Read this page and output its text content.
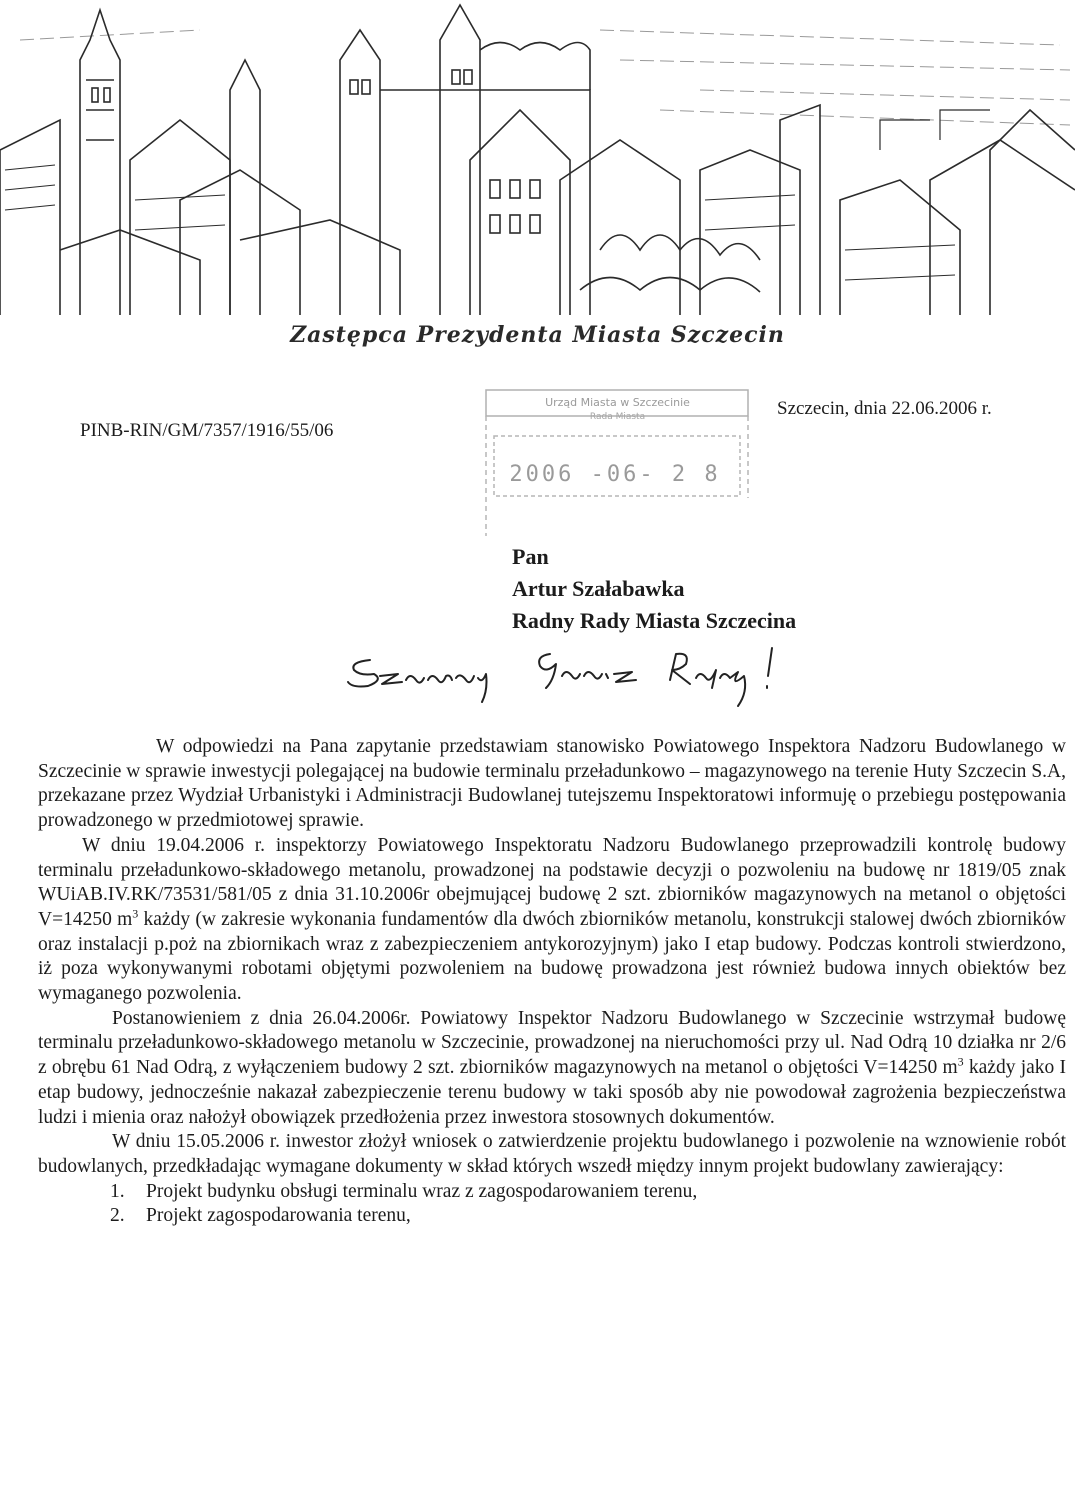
Zastępca Prezydenta Miasta Szczecin
PINB-RIN/GM/7357/1916/55/06
Szczecin, dnia 22.06.2006 r.
Urząd Miasta w Szczecinie
Rada Miasta
2006 -06- 2 8
Pan
Artur Szałabawka
Radny Rady Miasta Szczecina

W odpowiedzi na Pana zapytanie przedstawiam stanowisko Powiatowego Inspektora Nadzoru Budowlanego w Szczecinie w sprawie inwestycji polegającej na budowie terminalu przeładunkowo – magazynowego na terenie Huty Szczecin S.A, przekazane przez Wydział Urbanistyki i Administracji Budowlanej tutejszemu Inspektoratowi informuję o przebiegu postępowania prowadzonego w przedmiotowej sprawie.

W dniu 19.04.2006 r. inspektorzy Powiatowego Inspektoratu Nadzoru Budowlanego przeprowadzili kontrolę budowy terminalu przeładunkowo-składowego metanolu, prowadzonej na podstawie decyzji o pozwoleniu na budowę nr 1819/05 znak WUiAB.IV.RK/73531/581/05 z dnia 31.10.2006r obejmującej budowę 2 szt. zbiorników magazynowych na metanol o objętości V=14250 $m^3$ każdy (w zakresie wykonania fundamentów dla dwóch zbiorników metanolu, konstrukcji stalowej dwóch zbiorników oraz instalacji p.poż na zbiornikach wraz z zabezpieczeniem antykorozyjnym) jako I etap budowy. Podczas kontroli stwierdzono, iż poza wykonywanymi robotami objętymi pozwoleniem na budowę prowadzona jest również budowa innych obiektów bez wymaganego pozwolenia.

Postanowieniem z dnia 26.04.2006r. Powiatowy Inspektor Nadzoru Budowlanego w Szczecinie wstrzymał budowę terminalu przeładunkowo-składowego metanolu w Szczecinie, prowadzonej na nieruchomości przy ul. Nad Odrą 10 działka nr 2/6 z obrębu 61 Nad Odrą, z wyłączeniem budowy 2 szt. zbiorników magazynowych na metanol o objętości V=14250 $m^3$ każdy jako I etap budowy, jednocześnie nakazał zabezpieczenie terenu budowy w taki sposób aby nie powodował zagrożenia bezpieczeństwa ludzi i mienia oraz nałożył obowiązek przedłożenia przez inwestora stosownych dokumentów.

W dniu 15.05.2006 r. inwestor złożył wniosek o zatwierdzenie projektu budowlanego i pozwolenie na wznowienie robót budowlanych, przedkładając wymagane dokumenty w skład których wszedł między innym projekt budowlany zawierający:

1. Projekt budynku obsługi terminalu wraz z zagospodarowaniem terenu,
2. Projekt zagospodarowania terenu,
